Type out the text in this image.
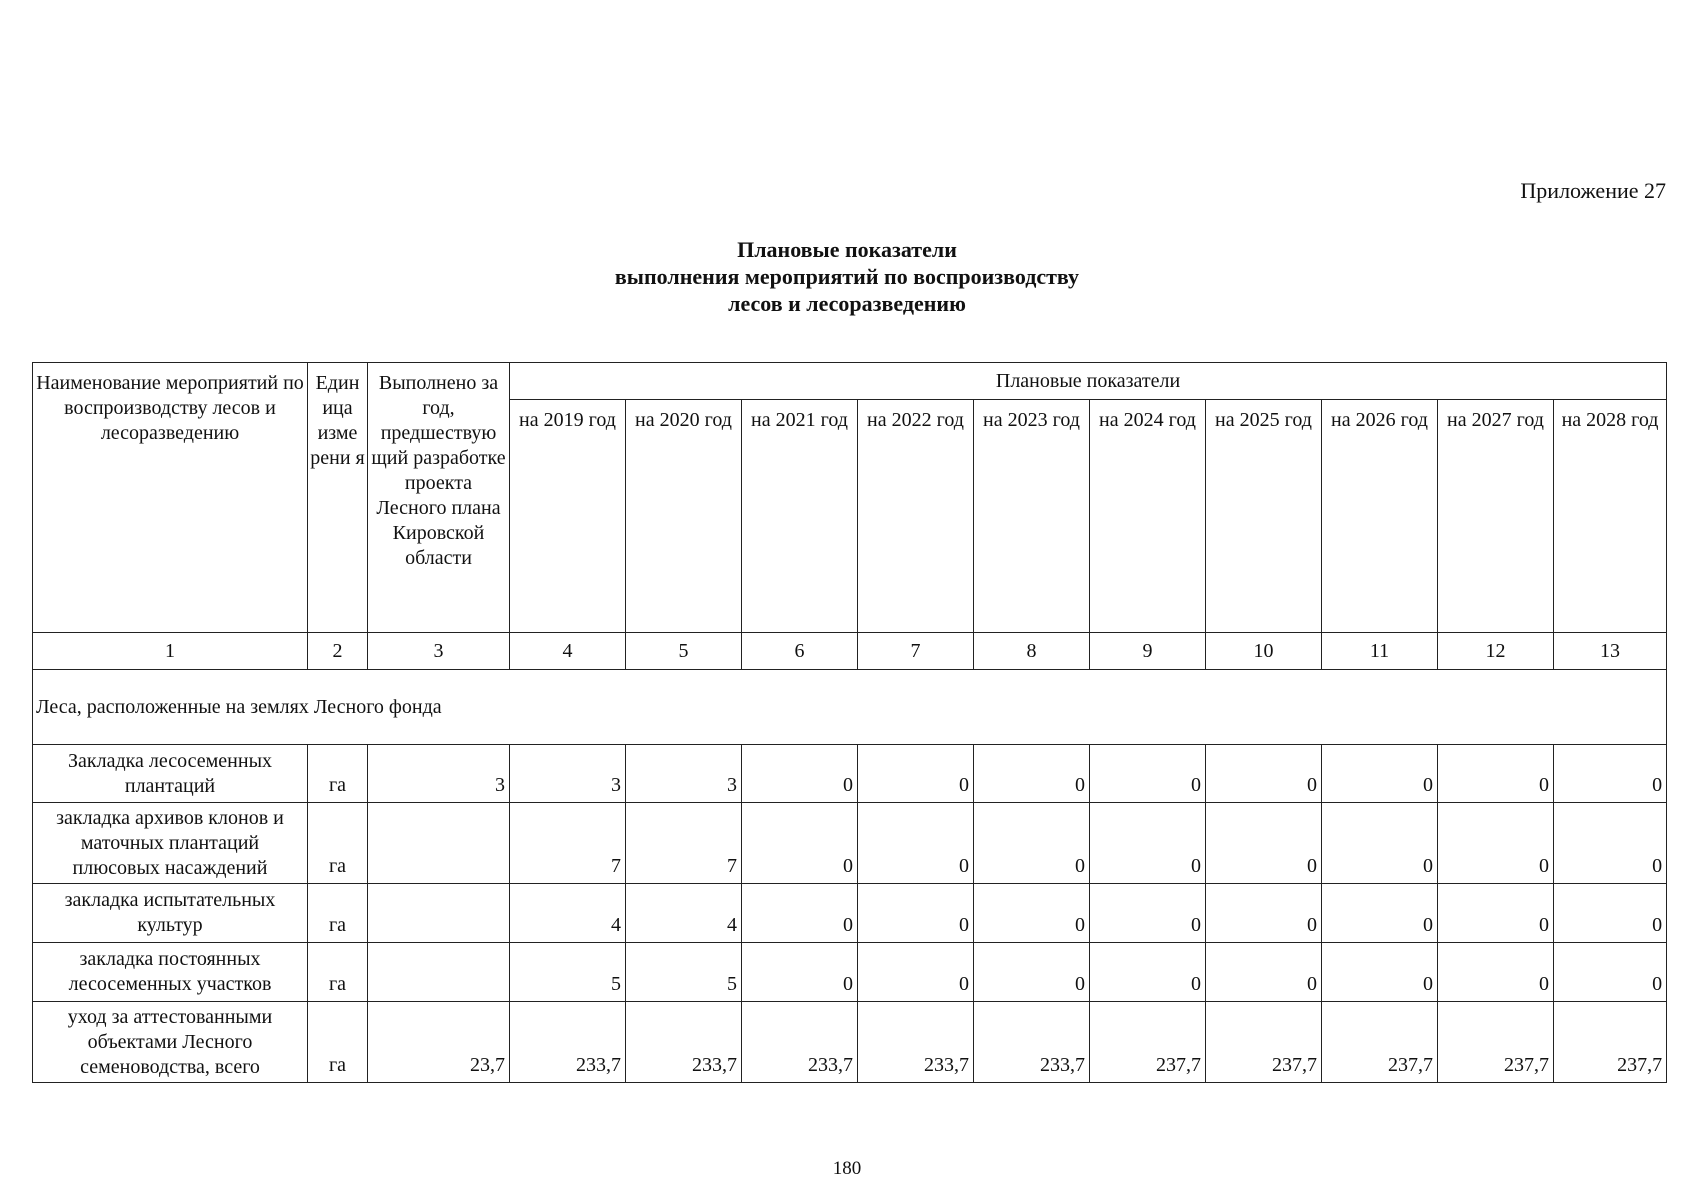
Приложение 27
Плановые показатели
выполнения мероприятий по воспроизводству
лесов и лесоразведению
Наименование мероприятий по воспроизводству лесов и лесоразведению	Един ица изме рени я	Выполнено за год, предшествую щий разработке проекта Лесного плана Кировской области	Плановые показатели									
			на 2019 год	на 2020 год	на 2021 год	на 2022 год	на 2023 год	на 2024 год	на 2025 год	на 2026 год	на 2027 год	на 2028 год
1	2	3	4	5	6	7	8	9	10	11	12	13
Леса, расположенные на землях Лесного фонда												
Закладка лесосеменных плантаций	га	3	3	3	0	0	0	0	0	0	0	0
закладка архивов клонов и маточных плантаций плюсовых насаждений	га		7	7	0	0	0	0	0	0	0	0
закладка испытательных культур	га		4	4	0	0	0	0	0	0	0	0
закладка постоянных лесосеменных участков	га		5	5	0	0	0	0	0	0	0	0
уход за аттестованными объектами Лесного семеноводства, всего	га	23,7	233,7	233,7	233,7	233,7	233,7	237,7	237,7	237,7	237,7	237,7
180
